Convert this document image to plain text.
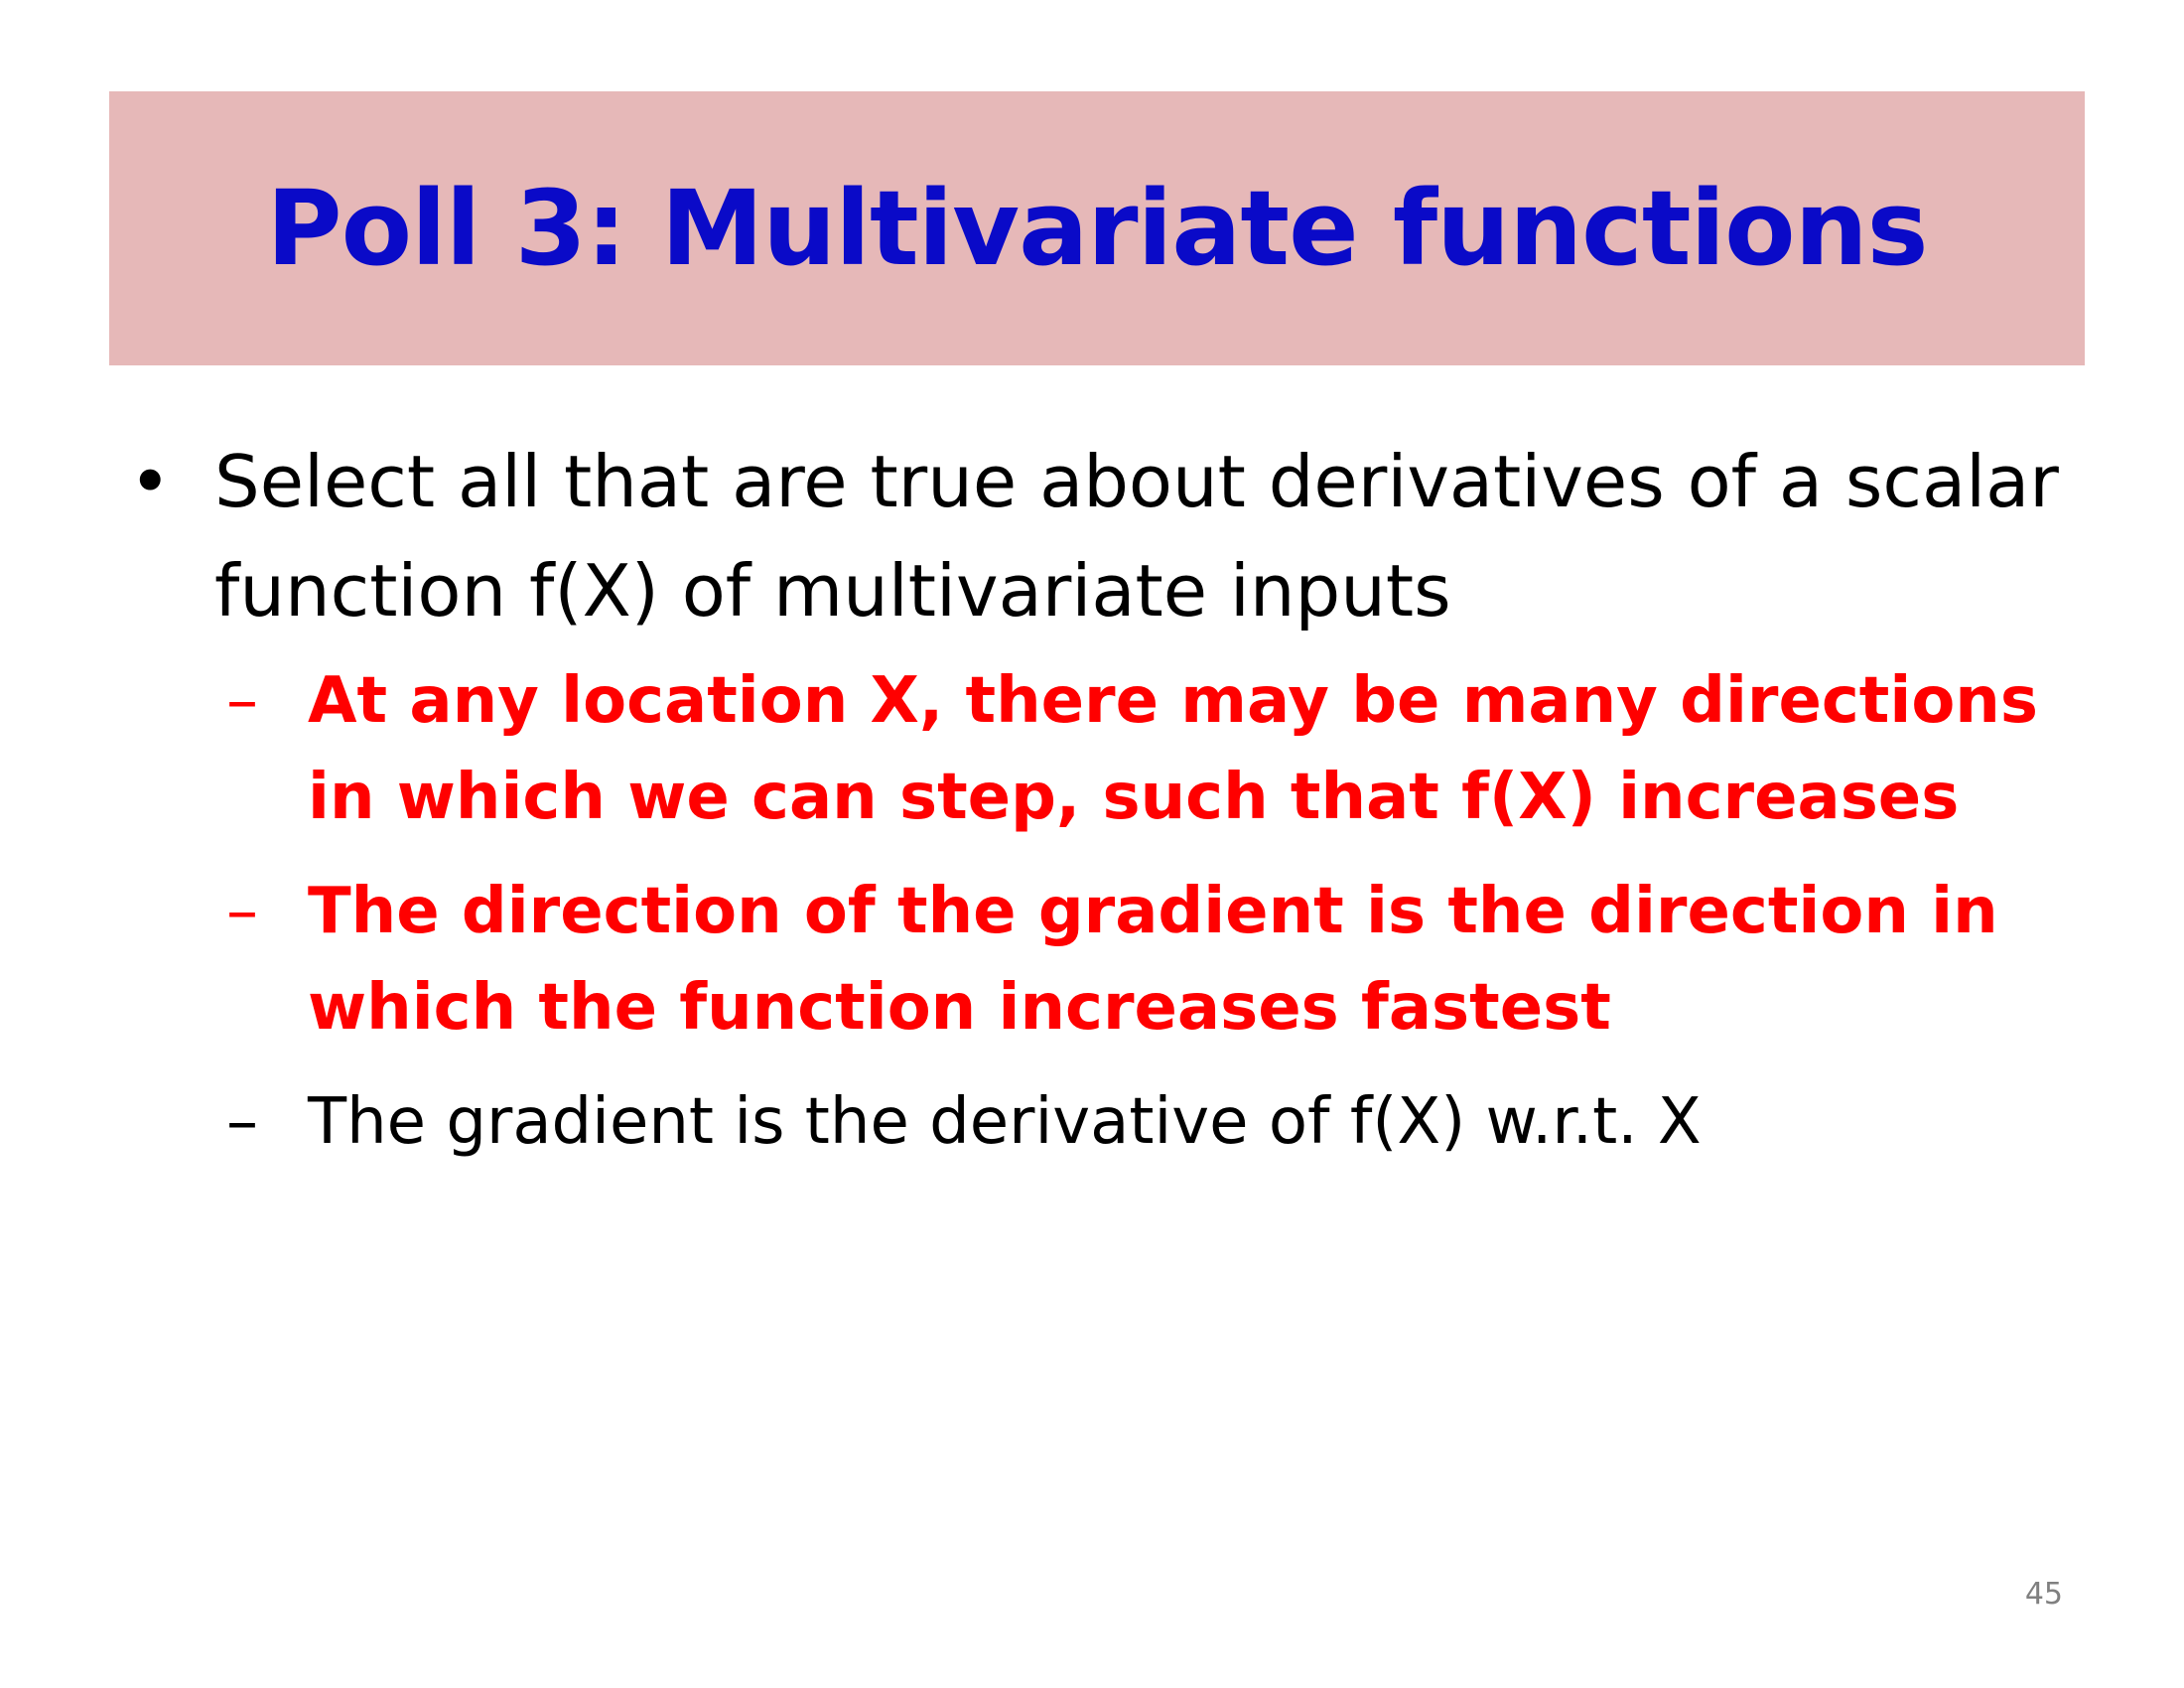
Poll 3: Multivariate functions
• Select all that are true about derivatives of a scalar function f(X) of multivariate inputs
– At any location X, there may be many directions in which we can step, such that f(X) increases
– The direction of the gradient is the direction in which the function increases fastest
– The gradient is the derivative of f(X) w.r.t. X
45
